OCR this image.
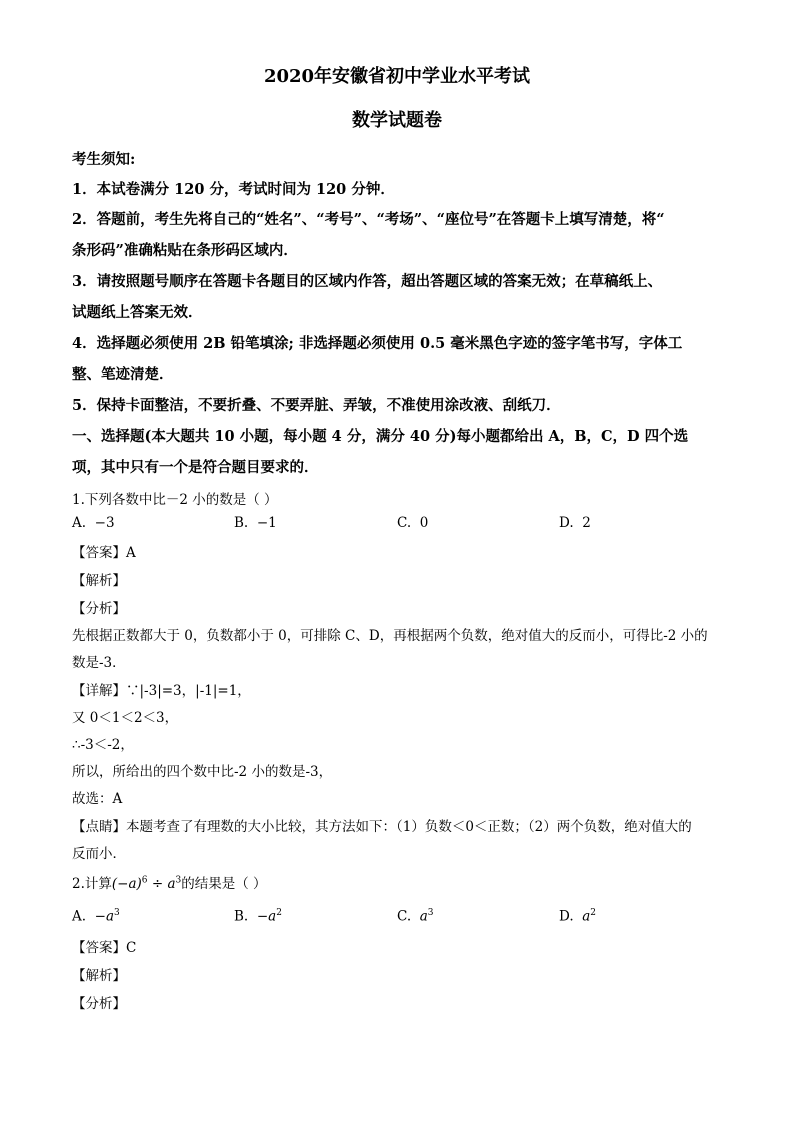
2020年安徽省初中学业水平考试
数学试题卷
考生须知:
1．本试卷满分 120 分，考试时间为 120 分钟．
2．答题前，考生先将自己的“姓名”、“考号”、“考场”、“座位号”在答题卡上填写清楚，将“
条形码”准确粘贴在条形码区域内．
3．请按照题号顺序在答题卡各题目的区域内作答，超出答题区域的答案无效；在草稿纸上、
试题纸上答案无效．
4．选择题必须使用 2B 铅笔填涂; 非选择题必须使用 0.5 毫米黑色字迹的签字笔书写，字体工
整、笔迹清楚．
5．保持卡面整洁，不要折叠、不要弄脏、弄皱，不准使用涂改液、刮纸刀．
一、选择题(本大题共 10 小题，每小题 4 分，满分 40 分)每小题都给出 A，B，C，D 四个选
项，其中只有一个是符合题目要求的．
1.下列各数中比－2 小的数是（ ）
A. −3	B. −1	C. 0	D. 2
【答案】A
【解析】
【分析】
先根据正数都大于 0，负数都小于 0，可排除 C、D，再根据两个负数，绝对值大的反而小，可得比-2 小的
数是-3．
【详解】∵|-3|=3，|-1|=1，
又 0＜1＜2＜3，
∴-3＜-2，
所以，所给出的四个数中比-2 小的数是-3，
故选：A
【点睛】本题考查了有理数的大小比较，其方法如下：（1）负数＜0＜正数；（2）两个负数，绝对值大的
反而小．
2.计算$(-a)^6 \div a^3$的结果是（ ）
A. $-a^3$	B. $-a^2$	C. $a^3$	D. $a^2$
【答案】C
【解析】
【分析】
